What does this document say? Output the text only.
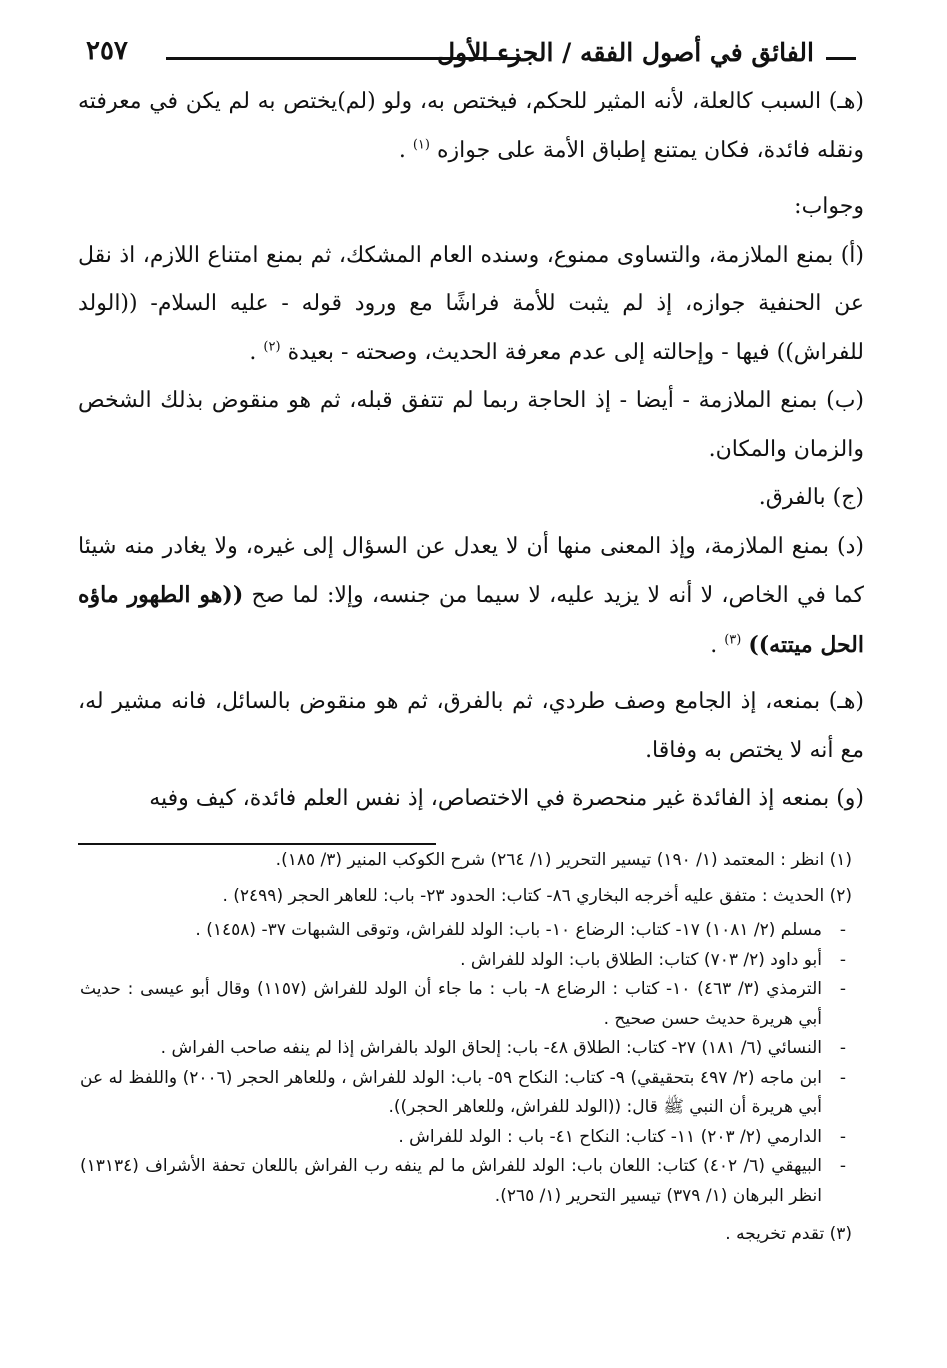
الفائق في أصول الفقه / الجزء الأول
٢٥٧

(هـ) السبب كالعلة، لأنه المثير للحكم، فيختص به، ولو (لم)يختص به لم يكن في معرفته ونقله فائدة، فكان يمتنع إطباق الأمة على جوازه $^{(١)}$ .

وجواب:

(أ) بمنع الملازمة، والتساوى ممنوع، وسنده العام المشكك، ثم بمنع امتناع اللازم، اذ نقل عن الحنفية جوازه، إذ لم يثبت للأمة فراشًا مع ورود قوله - عليه السلام- ((الولد للفراش)) فيها - وإحالته إلى عدم معرفة الحديث، وصحته - بعيدة $^{(٢)}$ .

(ب) بمنع الملازمة - أيضا - إذ الحاجة ربما لم تتفق قبله، ثم هو منقوض بذلك الشخص والزمان والمكان.

(ج) بالفرق.

(د) بمنع الملازمة، وإذ المعنى منها أن لا يعدل عن السؤال إلى غيره، ولا يغادر منه شيئا كما في الخاص، لا أنه لا يزيد عليه، لا سيما من جنسه، وإلا: لما صح ((هو الطهور ماؤه الحل ميتته)) $^{(٣)}$ .

(هـ) بمنعه، إذ الجامع وصف طردي، ثم بالفرق، ثم هو منقوض بالسائل، فانه مشير له، مع أنه لا يختص به وفاقا.

(و) بمنعه إذ الفائدة غير منحصرة في الاختصاص، إذ نفس العلم فائدة، كيف وفيه

(١) انظر : المعتمد (١/ ١٩٠) تيسير التحرير (١/ ٢٦٤) شرح الكوكب المنير (٣/ ١٨٥).

(٢) الحديث : متفق عليه أخرجه البخاري ٨٦- كتاب: الحدود ٢٣- باب: للعاهر الحجر (٢٤٩٩) .

-
مسلم (٢/ ١٠٨١) ١٧- كتاب: الرضاع ١٠- باب: الولد للفراش، وتوقى الشبهات ٣٧- (١٤٥٨) .
-
أبو داود (٢/ ٧٠٣) كتاب: الطلاق باب: الولد للفراش .
-
الترمذي (٣/ ٤٦٣) ١٠- كتاب : الرضاع ٨- باب : ما جاء أن الولد للفراش (١١٥٧) وقال أبو عيسى : حديث أبي هريرة حديث حسن صحيح .
-
النسائي (٦/ ١٨١) ٢٧- كتاب: الطلاق ٤٨- باب: إلحاق الولد بالفراش إذا لم ينفه صاحب الفراش .
-
ابن ماجه (٢/ ٤٩٧ بتحقيقي) ٩- كتاب: النكاح ٥٩- باب: الولد للفراش ، وللعاهر الحجر (٢٠٠٦) واللفظ له عن أبي هريرة أن النبي ﷺ قال: ((الولد للفراش، وللعاهر الحجر)).
-
الدارمي (٢/ ٢٠٣) ١١- كتاب: النكاح ٤١- باب : الولد للفراش .
-
البيهقي (٦/ ٤٠٢) كتاب: اللعان باب: الولد للفراش ما لم ينفه رب الفراش باللعان تحفة الأشراف (١٣١٣٤) انظر البرهان (١/ ٣٧٩) تيسير التحرير (١/ ٢٦٥).

(٣) تقدم تخريجه .
